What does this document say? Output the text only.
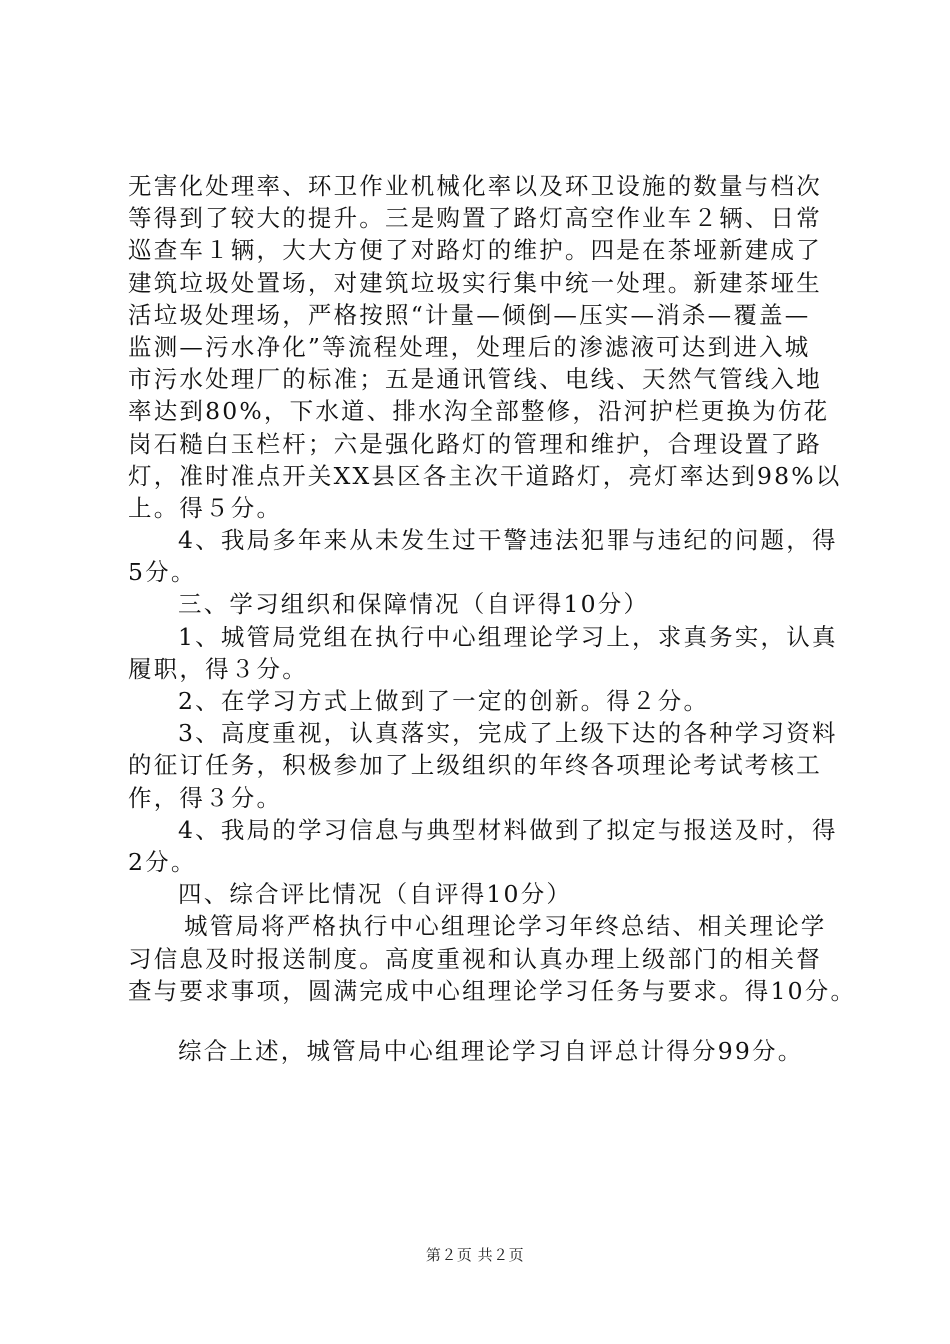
无害化处理率、环卫作业机械化率以及环卫设施的数量与档次
等得到了较大的提升。三是购置了路灯高空作业车２辆、日常
巡查车１辆，大大方便了对路灯的维护。四是在茶垭新建成了
建筑垃圾处置场，对建筑垃圾实行集中统一处理。新建茶垭生
活垃圾处理场，严格按照“计量—倾倒—压实—消杀—覆盖—
监测—污水净化”等流程处理，处理后的渗滤液可达到进入城
市污水处理厂的标准；五是通讯管线、电线、天然气管线入地
率达到80%，下水道、排水沟全部整修，沿河护栏更换为仿花
岗石糙白玉栏杆；六是强化路灯的管理和维护，合理设置了路
灯，准时准点开关XX县区各主次干道路灯，亮灯率达到98%以
上。得５分。
4、我局多年来从未发生过干警违法犯罪与违纪的问题，得
5分。
三、学习组织和保障情况（自评得10分）
1、城管局党组在执行中心组理论学习上，求真务实，认真
履职，得３分。
2、在学习方式上做到了一定的创新。得２分。
3、高度重视，认真落实，完成了上级下达的各种学习资料
的征订任务，积极参加了上级组织的年终各项理论考试考核工
作，得３分。
4、我局的学习信息与典型材料做到了拟定与报送及时，得
2分。
四、综合评比情况（自评得10分）
城管局将严格执行中心组理论学习年终总结、相关理论学
习信息及时报送制度。高度重视和认真办理上级部门的相关督
查与要求事项，圆满完成中心组理论学习任务与要求。得10分。
综合上述，城管局中心组理论学习自评总计得分99分。
第２页 共２页
